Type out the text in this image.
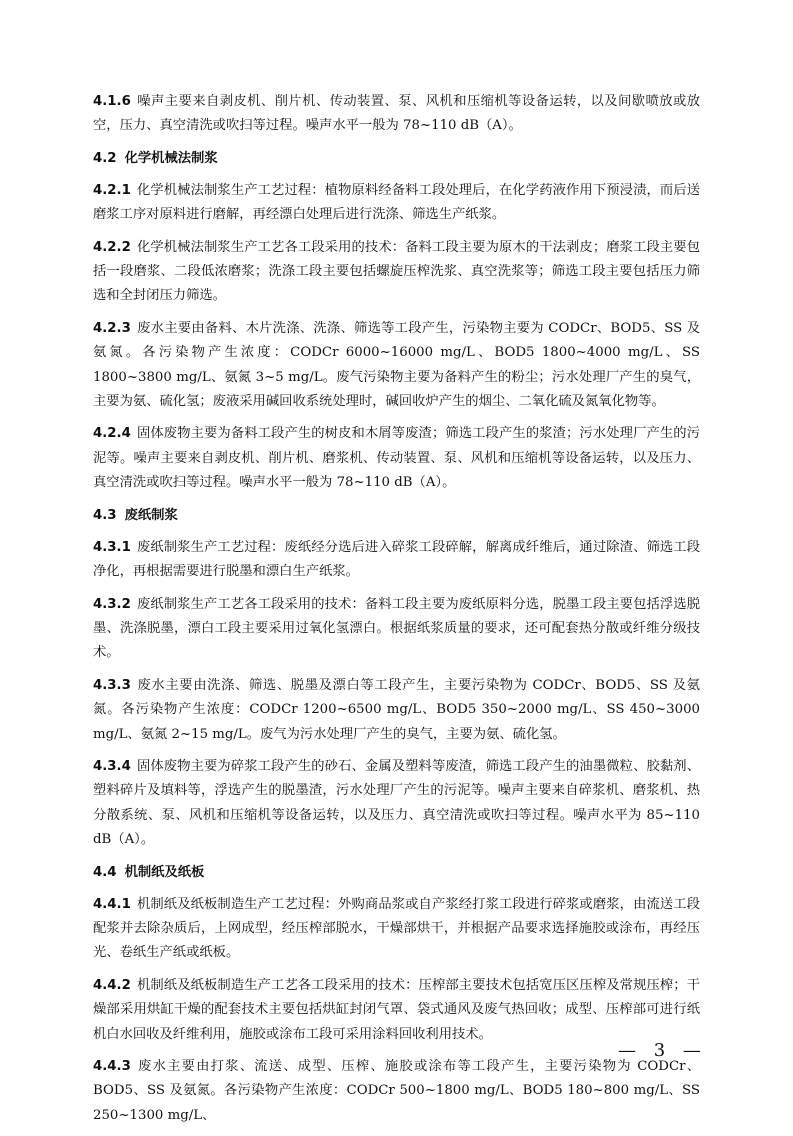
4.1.6 噪声主要来自剥皮机、削片机、传动装置、泵、风机和压缩机等设备运转，以及间歇喷放或放空，压力、真空清洗或吹扫等过程。噪声水平一般为 78~110 dB（A）。

4.2 化学机械法制浆

4.2.1 化学机械法制浆生产工艺过程：植物原料经备料工段处理后，在化学药液作用下预浸渍，而后送磨浆工序对原料进行磨解，再经漂白处理后进行洗涤、筛选生产纸浆。

4.2.2 化学机械法制浆生产工艺各工段采用的技术：备料工段主要为原木的干法剥皮；磨浆工段主要包括一段磨浆、二段低浓磨浆；洗涤工段主要包括螺旋压榨洗浆、真空洗浆等；筛选工段主要包括压力筛选和全封闭压力筛选。

4.2.3 废水主要由备料、木片洗涤、洗涤、筛选等工段产生，污染物主要为 CODCr、BOD5、SS 及氨氮。各污染物产生浓度：CODCr 6000~16000 mg/L、BOD5 1800~4000 mg/L、SS 1800~3800 mg/L、氨氮 3~5 mg/L。废气污染物主要为备料产生的粉尘；污水处理厂产生的臭气，主要为氨、硫化氢；废液采用碱回收系统处理时，碱回收炉产生的烟尘、二氧化硫及氮氧化物等。

4.2.4 固体废物主要为备料工段产生的树皮和木屑等废渣；筛选工段产生的浆渣；污水处理厂产生的污泥等。噪声主要来自剥皮机、削片机、磨浆机、传动装置、泵、风机和压缩机等设备运转，以及压力、真空清洗或吹扫等过程。噪声水平一般为 78~110 dB（A）。

4.3 废纸制浆

4.3.1 废纸制浆生产工艺过程：废纸经分选后进入碎浆工段碎解，解离成纤维后，通过除渣、筛选工段净化，再根据需要进行脱墨和漂白生产纸浆。

4.3.2 废纸制浆生产工艺各工段采用的技术：备料工段主要为废纸原料分选，脱墨工段主要包括浮选脱墨、洗涤脱墨，漂白工段主要采用过氧化氢漂白。根据纸浆质量的要求，还可配套热分散或纤维分级技术。

4.3.3 废水主要由洗涤、筛选、脱墨及漂白等工段产生，主要污染物为 CODCr、BOD5、SS 及氨氮。各污染物产生浓度：CODCr 1200~6500 mg/L、BOD5 350~2000 mg/L、SS 450~3000 mg/L、氨氮 2~15 mg/L。废气为污水处理厂产生的臭气，主要为氨、硫化氢。

4.3.4 固体废物主要为碎浆工段产生的砂石、金属及塑料等废渣，筛选工段产生的油墨微粒、胶黏剂、塑料碎片及填料等，浮选产生的脱墨渣，污水处理厂产生的污泥等。噪声主要来自碎浆机、磨浆机、热分散系统、泵、风机和压缩机等设备运转，以及压力、真空清洗或吹扫等过程。噪声水平为 85~110 dB（A）。

4.4 机制纸及纸板

4.4.1 机制纸及纸板制造生产工艺过程：外购商品浆或自产浆经打浆工段进行碎浆或磨浆，由流送工段配浆并去除杂质后，上网成型，经压榨部脱水，干燥部烘干，并根据产品要求选择施胶或涂布，再经压光、卷纸生产纸或纸板。

4.4.2 机制纸及纸板制造生产工艺各工段采用的技术：压榨部主要技术包括宽压区压榨及常规压榨；干燥部采用烘缸干燥的配套技术主要包括烘缸封闭气罩、袋式通风及废气热回收；成型、压榨部可进行纸机白水回收及纤维利用，施胶或涂布工段可采用涂料回收利用技术。

4.4.3 废水主要由打浆、流送、成型、压榨、施胶或涂布等工段产生，主要污染物为 CODCr、BOD5、SS 及氨氮。各污染物产生浓度：CODCr 500~1800 mg/L、BOD5 180~800 mg/L、SS 250~1300 mg/L、

— 3 —
